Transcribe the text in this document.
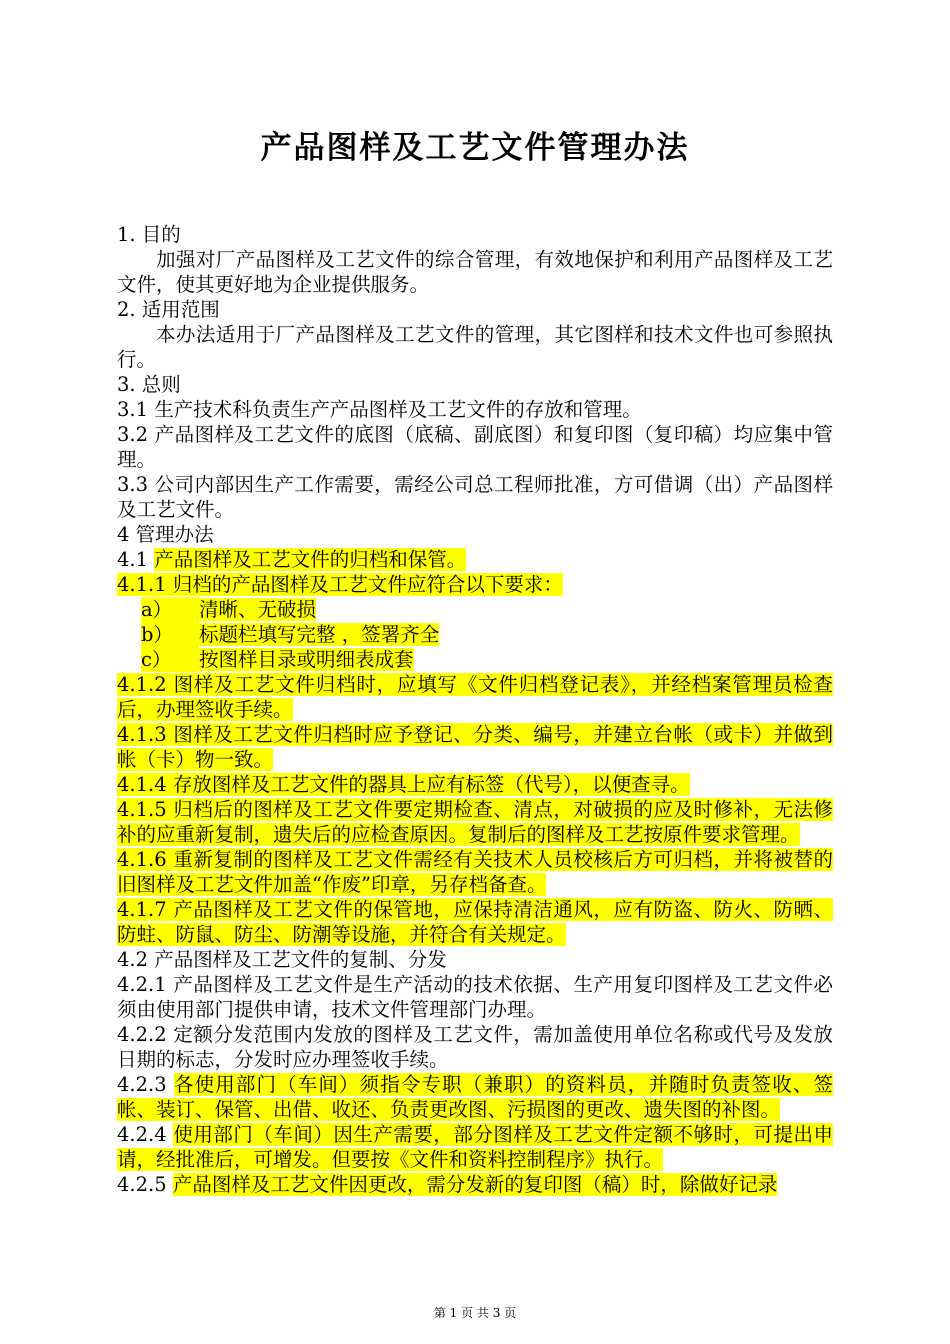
产品图样及工艺文件管理办法

1. 目的

加强对厂产品图样及工艺文件的综合管理，有效地保护和利用产品图样及工艺文件，使其更好地为企业提供服务。

2. 适用范围

本办法适用于厂产品图样及工艺文件的管理，其它图样和技术文件也可参照执行。

3. 总则

3.1 生产技术科负责生产产品图样及工艺文件的存放和管理。

3.2 产品图样及工艺文件的底图（底稿、副底图）和复印图（复印稿）均应集中管理。

3.3 公司内部因生产工作需要，需经公司总工程师批准，方可借调（出）产品图样及工艺文件。

4 管理办法

4.1 产品图样及工艺文件的归档和保管。

4.1.1 归档的产品图样及工艺文件应符合以下要求：

a） 清晰、无破损

b） 标题栏填写完整 ，签署齐全

c） 按图样目录或明细表成套

4.1.2 图样及工艺文件归档时，应填写《文件归档登记表》，并经档案管理员检查后，办理签收手续。

4.1.3 图样及工艺文件归档时应予登记、分类、编号，并建立台帐（或卡）并做到帐（卡）物一致。

4.1.4 存放图样及工艺文件的器具上应有标签（代号），以便查寻。

4.1.5 归档后的图样及工艺文件要定期检查、清点，对破损的应及时修补，无法修补的应重新复制，遗失后的应检查原因。复制后的图样及工艺按原件要求管理。

4.1.6 重新复制的图样及工艺文件需经有关技术人员校核后方可归档，并将被替的旧图样及工艺文件加盖“作废”印章，另存档备查。

4.1.7 产品图样及工艺文件的保管地，应保持清洁通风，应有防盗、防火、防晒、防蛀、防鼠、防尘、防潮等设施，并符合有关规定。

4.2 产品图样及工艺文件的复制、分发

4.2.1 产品图样及工艺文件是生产活动的技术依据、生产用复印图样及工艺文件必须由使用部门提供申请，技术文件管理部门办理。

4.2.2 定额分发范围内发放的图样及工艺文件，需加盖使用单位名称或代号及发放日期的标志，分发时应办理签收手续。

4.2.3 各使用部门（车间）须指令专职（兼职）的资料员，并随时负责签收、签帐、装订、保管、出借、收还、负责更改图、污损图的更改、遗失图的补图。

4.2.4 使用部门（车间）因生产需要，部分图样及工艺文件定额不够时，可提出申请，经批准后，可增发。但要按《文件和资料控制程序》执行。

4.2.5 产品图样及工艺文件因更改，需分发新的复印图（稿）时，除做好记录

第 1 页 共 3 页
